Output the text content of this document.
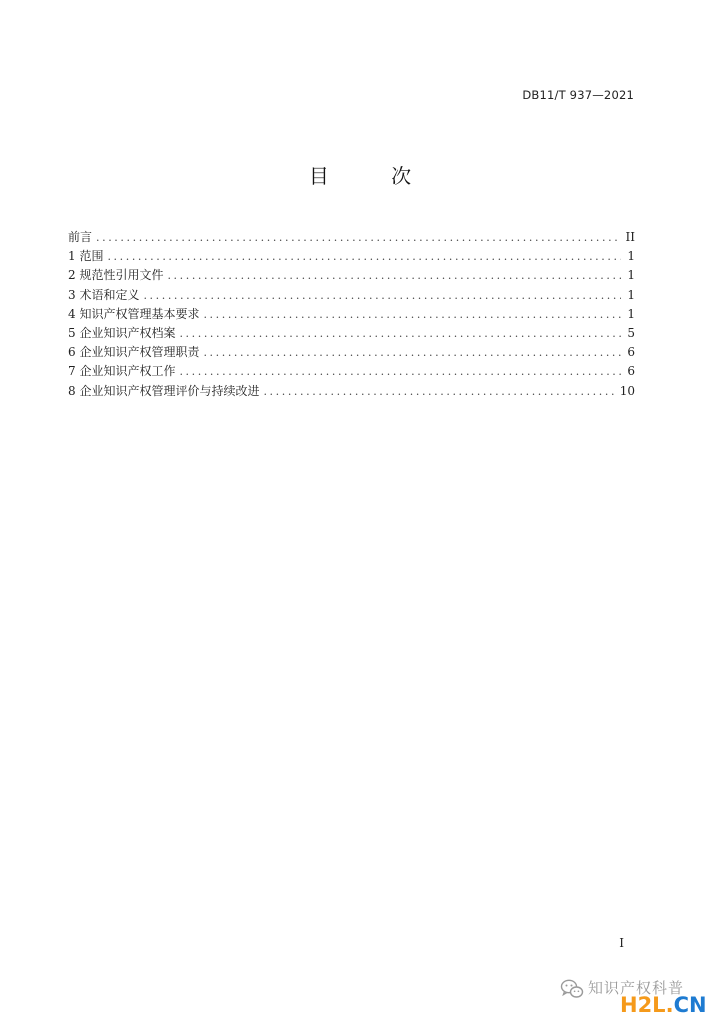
DB11/T 937—2021
目 次
前言 .....	II
1 范围 .....	1
2 规范性引用文件 .....	1
3 术语和定义 .....	1
4 知识产权管理基本要求 .....	1
5 企业知识产权档案 .....	5
6 企业知识产权管理职责 .....	6
7 企业知识产权工作 .....	6
8 企业知识产权管理评价与持续改进 .....	10
I
知识产权科普
H2L.CN
